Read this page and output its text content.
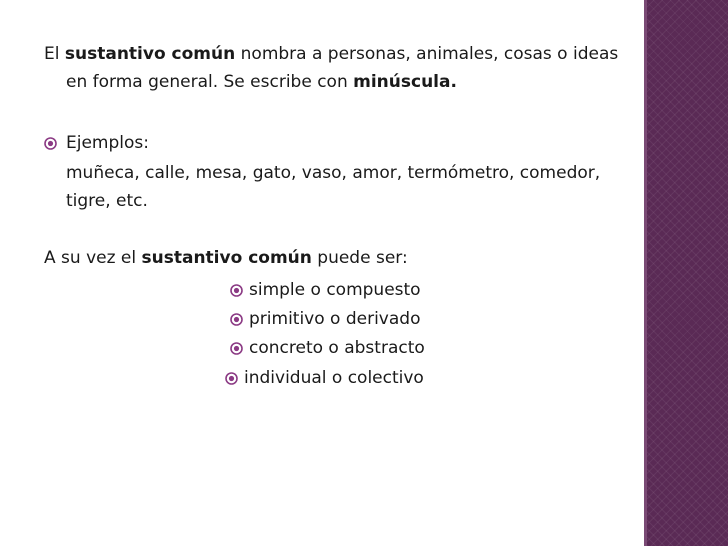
El sustantivo común nombra a personas, animales, cosas o ideas
en forma general. Se escribe con minúscula.
Ejemplos:
muñeca, calle, mesa, gato, vaso, amor, termómetro, comedor,
tigre, etc.
A su vez el sustantivo común puede ser:
simple o compuesto
primitivo o derivado
concreto o abstracto
individual o colectivo
